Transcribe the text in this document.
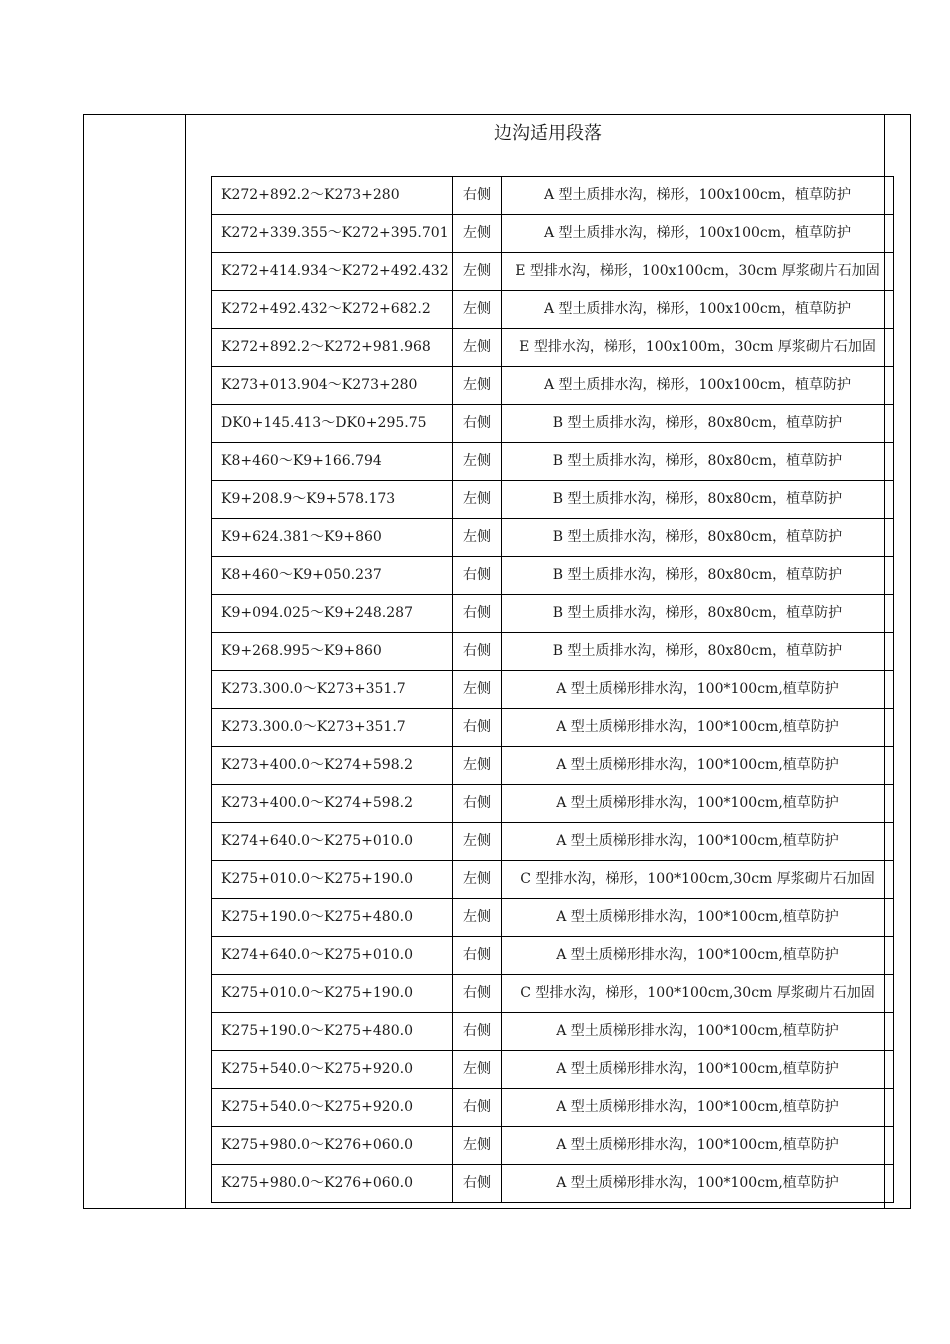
边沟适用段落
K272+892.2～K273+280	右侧	A 型土质排水沟，梯形，100x100cm，植草防护
K272+339.355～K272+395.701	左侧	A 型土质排水沟，梯形，100x100cm，植草防护
K272+414.934～K272+492.432	左侧	E 型排水沟，梯形，100x100cm，30cm 厚浆砌片石加固
K272+492.432～K272+682.2	左侧	A 型土质排水沟，梯形，100x100cm，植草防护
K272+892.2～K272+981.968	左侧	E 型排水沟，梯形，100x100m，30cm 厚浆砌片石加固
K273+013.904～K273+280	左侧	A 型土质排水沟，梯形，100x100cm，植草防护
DK0+145.413～DK0+295.75	右侧	B 型土质排水沟，梯形，80x80cm，植草防护
K8+460～K9+166.794	左侧	B 型土质排水沟，梯形，80x80cm，植草防护
K9+208.9～K9+578.173	左侧	B 型土质排水沟，梯形，80x80cm，植草防护
K9+624.381～K9+860	左侧	B 型土质排水沟，梯形，80x80cm，植草防护
K8+460～K9+050.237	右侧	B 型土质排水沟，梯形，80x80cm，植草防护
K9+094.025～K9+248.287	右侧	B 型土质排水沟，梯形，80x80cm，植草防护
K9+268.995～K9+860	右侧	B 型土质排水沟，梯形，80x80cm，植草防护
K273.300.0～K273+351.7	左侧	A 型土质梯形排水沟，100*100cm,植草防护
K273.300.0～K273+351.7	右侧	A 型土质梯形排水沟，100*100cm,植草防护
K273+400.0～K274+598.2	左侧	A 型土质梯形排水沟，100*100cm,植草防护
K273+400.0～K274+598.2	右侧	A 型土质梯形排水沟，100*100cm,植草防护
K274+640.0～K275+010.0	左侧	A 型土质梯形排水沟，100*100cm,植草防护
K275+010.0～K275+190.0	左侧	C 型排水沟，梯形，100*100cm,30cm 厚浆砌片石加固
K275+190.0～K275+480.0	左侧	A 型土质梯形排水沟，100*100cm,植草防护
K274+640.0～K275+010.0	右侧	A 型土质梯形排水沟，100*100cm,植草防护
K275+010.0～K275+190.0	右侧	C 型排水沟，梯形，100*100cm,30cm 厚浆砌片石加固
K275+190.0～K275+480.0	右侧	A 型土质梯形排水沟，100*100cm,植草防护
K275+540.0～K275+920.0	左侧	A 型土质梯形排水沟，100*100cm,植草防护
K275+540.0～K275+920.0	右侧	A 型土质梯形排水沟，100*100cm,植草防护
K275+980.0～K276+060.0	左侧	A 型土质梯形排水沟，100*100cm,植草防护
K275+980.0～K276+060.0	右侧	A 型土质梯形排水沟，100*100cm,植草防护
